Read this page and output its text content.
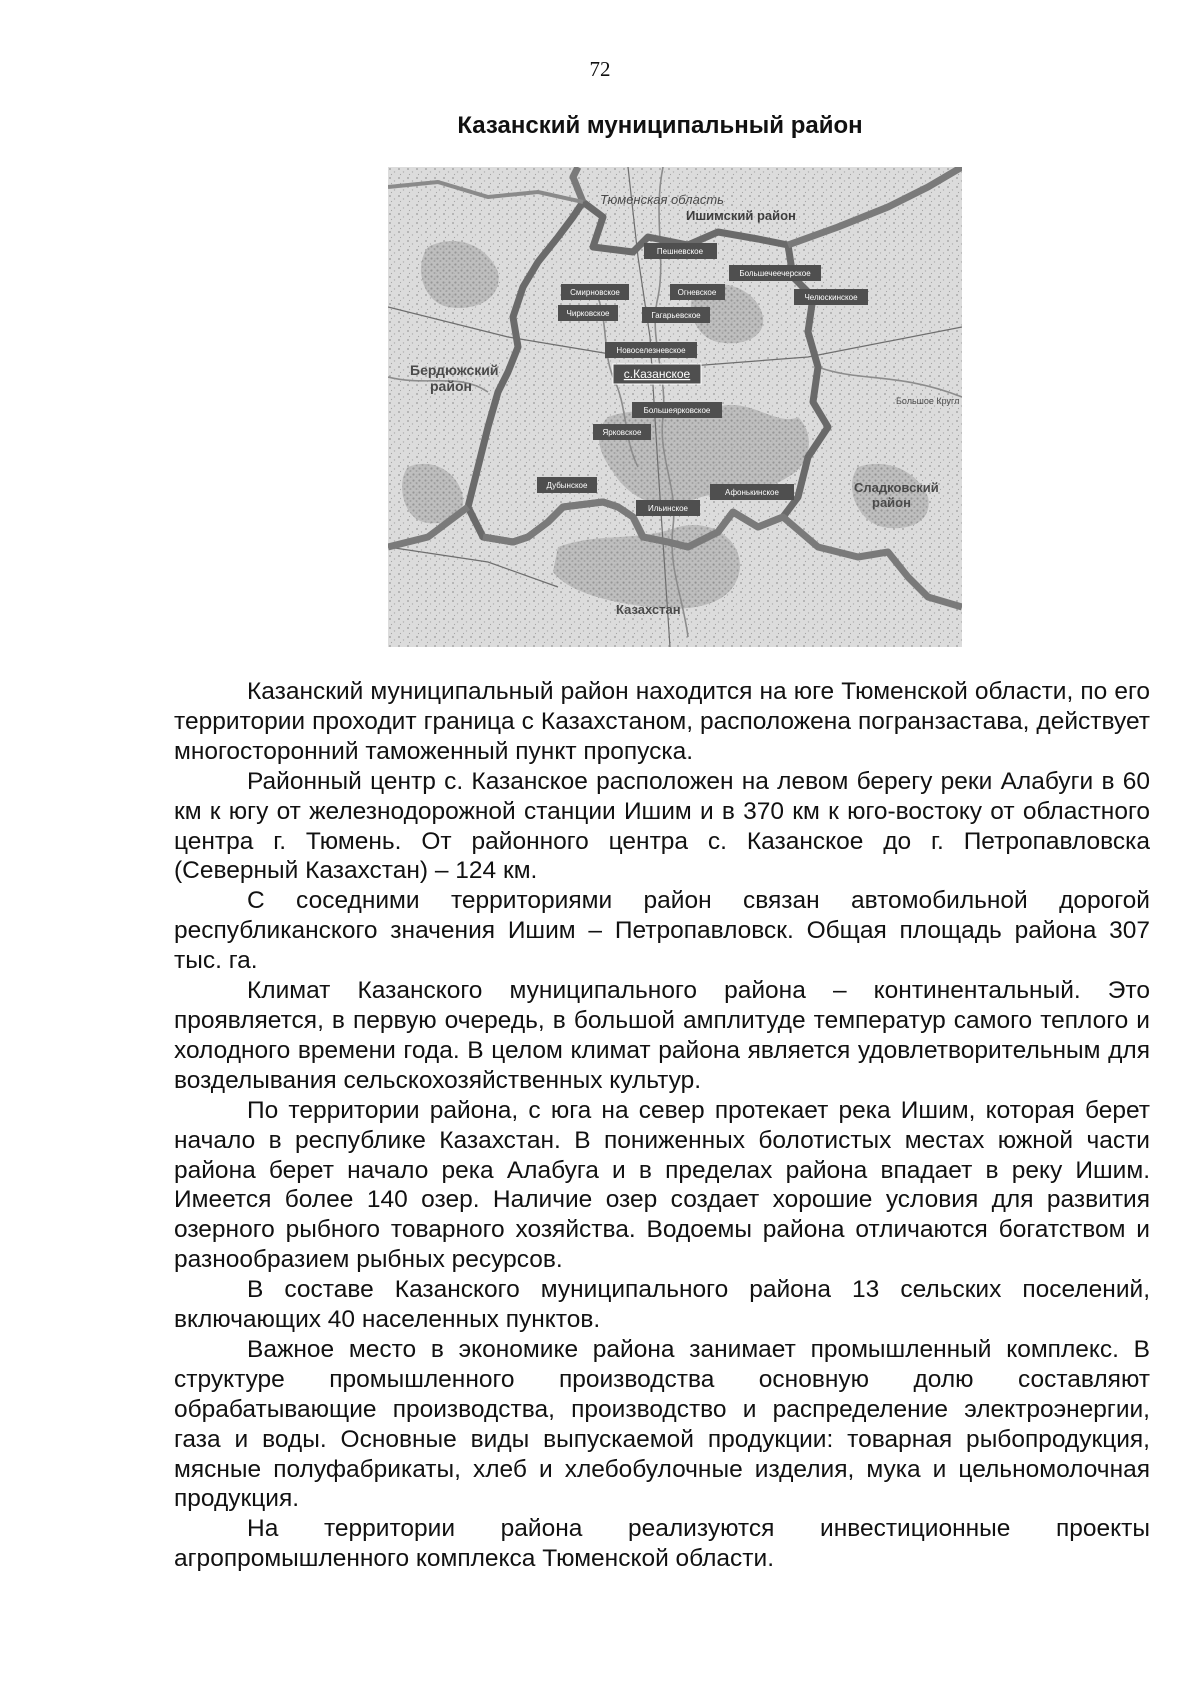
72
Казанский муниципальный район
Тюменская область
Ишимский район
Бердюжский
район
Сладковский
район
Казахстан
Большое Кругл
Пешневское
Большечеечерское
Смирновское	Огневское
Челюскинское
Чирковское	Гагарьевское
Новоселезневское
с.Казанское
Большеярковское
Ярковское
Дубынское
Афонькинское
Ильинское

Казанский муниципальный район находится на юге Тюменской области, по его территории проходит граница с Казахстаном, расположена погранзастава, действует многосторонний таможенный пункт пропуска.

Районный центр с. Казанское расположен на левом берегу реки Алабуги в 60 км к югу от железнодорожной станции Ишим и в 370 км к юго-востоку от областного центра г. Тюмень. От районного центра с. Казанское до г. Петропавловска (Северный Казахстан) – 124 км.

С соседними территориями район связан автомобильной дорогой республиканского значения Ишим – Петропавловск. Общая площадь района 307 тыс. га.

Климат Казанского муниципального района – континентальный. Это проявляется, в первую очередь, в большой амплитуде температур самого теплого и холодного времени года. В целом климат района является удовлетворительным для возделывания сельскохозяйственных культур.

По территории района, с юга на север протекает река Ишим, которая берет начало в республике Казахстан. В пониженных болотистых местах южной части района берет начало река Алабуга и в пределах района впадает в реку Ишим. Имеется более 140 озер. Наличие озер создает хорошие условия для развития озерного рыбного товарного хозяйства. Водоемы района отличаются богатством и разнообразием рыбных ресурсов.

В составе Казанского муниципального района 13 сельских поселений, включающих 40 населенных пунктов.

Важное место в экономике района занимает промышленный комплекс. В структуре промышленного производства основную долю составляют обрабатывающие производства, производство и распределение электроэнергии, газа и воды. Основные виды выпускаемой продукции: товарная рыбопродукция, мясные полуфабрикаты, хлеб и хлебобулочные изделия, мука и цельномолочная продукция.

На территории района реализуются инвестиционные проекты агропромышленного комплекса Тюменской области.
